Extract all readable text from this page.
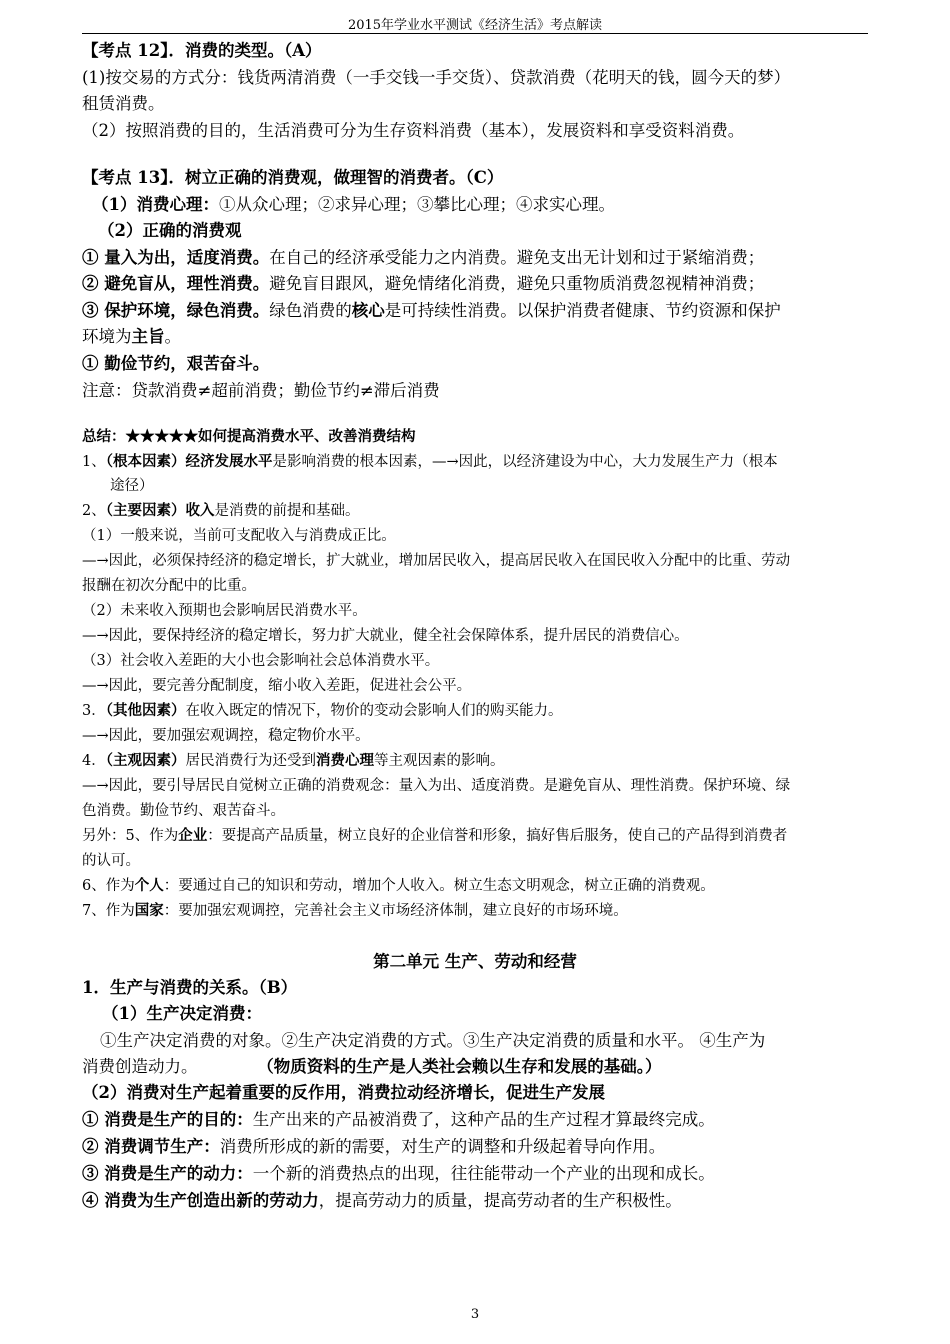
2015年学业水平测试《经济生活》考点解读
【考点 12】．消费的类型。（A）
(1)按交易的方式分：钱货两清消费（一手交钱一手交货）、贷款消费（花明天的钱，圆今天的梦）
租赁消费。
（2）按照消费的目的，生活消费可分为生存资料消费（基本），发展资料和享受资料消费。
【考点 13】．树立正确的消费观，做理智的消费者。（C）
（1）消费心理：①从众心理；②求异心理；③攀比心理；④求实心理。
（2）正确的消费观
① 量入为出，适度消费。在自己的经济承受能力之内消费。避免支出无计划和过于紧缩消费；
② 避免盲从，理性消费。避免盲目跟风，避免情绪化消费，避免只重物质消费忽视精神消费；
③ 保护环境，绿色消费。绿色消费的核心是可持续性消费。以保护消费者健康、节约资源和保护
环境为主旨。
① 勤俭节约，艰苦奋斗。
注意：贷款消费≠超前消费；勤俭节约≠滞后消费
总结：★★★★★如何提高消费水平、改善消费结构
1、（根本因素）经济发展水平是影响消费的根本因素，—→因此，以经济建设为中心，大力发展生产力（根本
途径）
2、（主要因素）收入是消费的前提和基础。
（1）一般来说，当前可支配收入与消费成正比。
—→因此，必须保持经济的稳定增长，扩大就业，增加居民收入，提高居民收入在国民收入分配中的比重、劳动
报酬在初次分配中的比重。
（2）未来收入预期也会影响居民消费水平。
—→因此，要保持经济的稳定增长，努力扩大就业，健全社会保障体系，提升居民的消费信心。
（3）社会收入差距的大小也会影响社会总体消费水平。
—→因此，要完善分配制度，缩小收入差距，促进社会公平。
3．（其他因素）在收入既定的情况下，物价的变动会影响人们的购买能力。
—→因此，要加强宏观调控，稳定物价水平。
4．（主观因素）居民消费行为还受到消费心理等主观因素的影响。
—→因此，要引导居民自觉树立正确的消费观念：量入为出、适度消费。是避免盲从、理性消费。保护环境、绿
色消费。勤俭节约、艰苦奋斗。
另外：5、作为企业：要提高产品质量，树立良好的企业信誉和形象，搞好售后服务，使自己的产品得到消费者
的认可。
6、作为个人：要通过自己的知识和劳动，增加个人收入。树立生态文明观念，树立正确的消费观。
7、作为国家：要加强宏观调控，完善社会主义市场经济体制，建立良好的市场环境。
第二单元 生产、劳动和经营
1．生产与消费的关系。（B）
（1）生产决定消费：
①生产决定消费的对象。②生产决定消费的方式。③生产决定消费的质量和水平。 ④生产为
消费创造动力。	（物质资料的生产是人类社会赖以生存和发展的基础。）
（2）消费对生产起着重要的反作用，消费拉动经济增长，促进生产发展
① 消费是生产的目的：生产出来的产品被消费了，这种产品的生产过程才算最终完成。
② 消费调节生产：消费所形成的新的需要，对生产的调整和升级起着导向作用。
③ 消费是生产的动力：一个新的消费热点的出现，往往能带动一个产业的出现和成长。
④ 消费为生产创造出新的劳动力，提高劳动力的质量，提高劳动者的生产积极性。
3
